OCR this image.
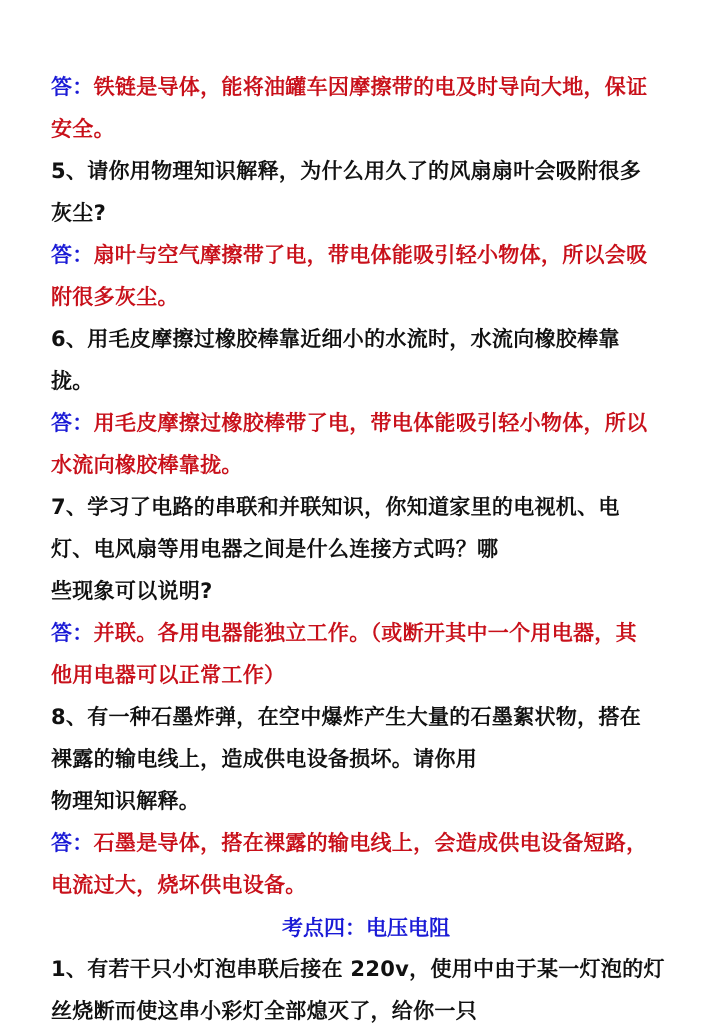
答：铁链是导体，能将油罐车因摩擦带的电及时导向大地，保证
安全。
5、请你用物理知识解释，为什么用久了的风扇扇叶会吸附很多
灰尘?
答：扇叶与空气摩擦带了电，带电体能吸引轻小物体，所以会吸
附很多灰尘。
6、用毛皮摩擦过橡胶棒靠近细小的水流时，水流向橡胶棒靠
拢。
答：用毛皮摩擦过橡胶棒带了电，带电体能吸引轻小物体，所以
水流向橡胶棒靠拢。
7、学习了电路的串联和并联知识，你知道家里的电视机、电
灯、电风扇等用电器之间是什么连接方式吗？哪
些现象可以说明?
答：并联。各用电器能独立工作。（或断开其中一个用电器，其
他用电器可以正常工作）
8、有一种石墨炸弹，在空中爆炸产生大量的石墨絮状物，搭在
裸露的输电线上，造成供电设备损坏。请你用
物理知识解释。
答：石墨是导体，搭在裸露的输电线上，会造成供电设备短路，
电流过大，烧坏供电设备。
考点四：电压电阻
1、有若干只小灯泡串联后接在 220v，使用中由于某一灯泡的灯
丝烧断而使这串小彩灯全部熄灭了，给你一只
